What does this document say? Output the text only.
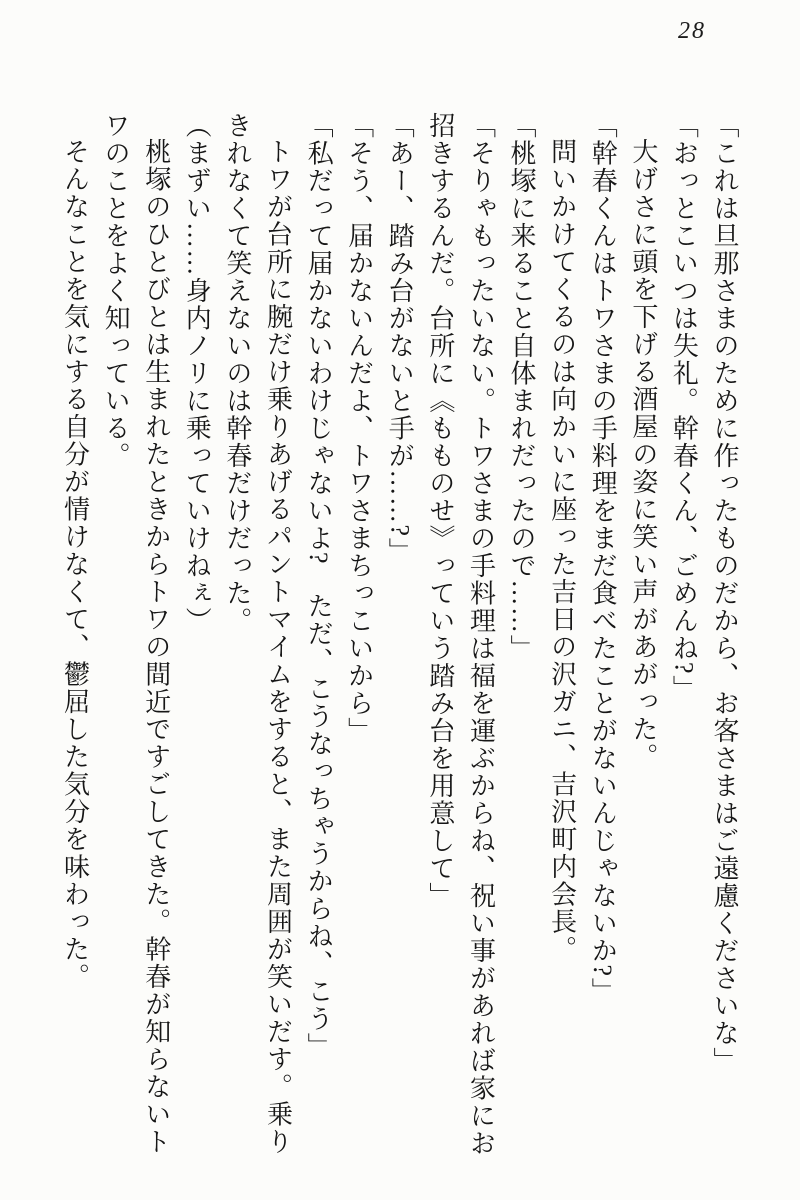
28

「これは旦那さまのために作ったものだから、お客さまはご遠慮くださいな」

「おっとこいつは失礼。幹春くん、ごめんね?」

大げさに頭を下げる酒屋の姿に笑い声があがった。

「幹春くんはトワさまの手料理をまだ食べたことがないんじゃないか?」

問いかけてくるのは向かいに座った吉日の沢ガニ、吉沢町内会長。

「桃塚に来ること自体まれだったので……」

「そりゃもったいない。トワさまの手料理は福を運ぶからね、祝い事があれば家にお招きするんだ。台所に《もものせ》っていう踏み台を用意して」

「あー、踏み台がないと手が……?」

「そう、届かないんだよ、トワさまちっこいから」

「私だって届かないわけじゃないよ?　ただ、こうなっちゃうからね、こう」

トワが台所に腕だけ乗りあげるパントマイムをすると、また周囲が笑いだす。乗りきれなくて笑えないのは幹春だけだった。

（まずい……身内ノリに乗っていけねぇ）

桃塚のひとびとは生まれたときからトワの間近ですごしてきた。幹春が知らないトワのことをよく知っている。

そんなことを気にする自分が情けなくて、鬱屈した気分を味わった。
